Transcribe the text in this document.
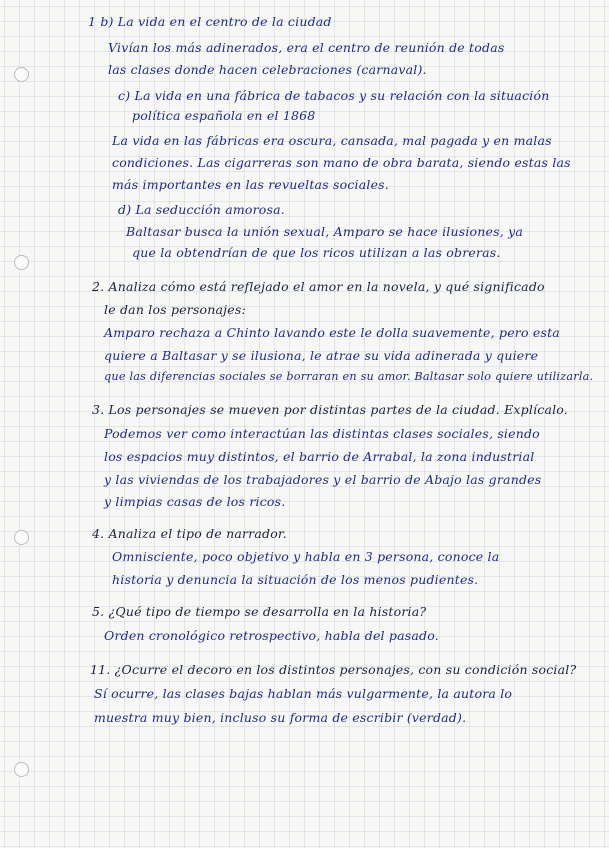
1 b) La vida en el centro de la ciudad
Vivían los más adinerados, era el centro de reunión de todas
las clases donde hacen celebraciones (carnaval).
c) La vida en una fábrica de tabacos y su relación con la situación
política española en el 1868
La vida en las fábricas era oscura, cansada, mal pagada y en malas
condiciones. Las cigarreras son mano de obra barata, siendo estas las
más importantes en las revueltas sociales.
d) La seducción amorosa.
Baltasar busca la unión sexual, Amparo se hace ilusiones, ya
que la obtendrían de que los ricos utilizan a las obreras.
2. Analiza cómo está reflejado el amor en la novela, y qué significado
le dan los personajes:
Amparo rechaza a Chinto lavando este le dolla suavemente, pero esta
quiere a Baltasar y se ilusiona, le atrae su vida adinerada y quiere
que las diferencias sociales se borraran en su amor. Baltasar solo quiere utilizarla.
3. Los personajes se mueven por distintas partes de la ciudad. Explícalo.
Podemos ver como interactúan las distintas clases sociales, siendo
los espacios muy distintos, el barrio de Arrabal, la zona industrial
y las viviendas de los trabajadores y el barrio de Abajo las grandes
y limpias casas de los ricos.
4. Analiza el tipo de narrador.
Omnisciente, poco objetivo y habla en 3 persona, conoce la
historia y denuncia la situación de los menos pudientes.
5. ¿Qué tipo de tiempo se desarrolla en la historia?
Orden cronológico retrospectivo, habla del pasado.
11. ¿Ocurre el decoro en los distintos personajes, con su condición social?
Sí ocurre, las clases bajas hablan más vulgarmente, la autora lo
muestra muy bien, incluso su forma de escribir (verdad).
